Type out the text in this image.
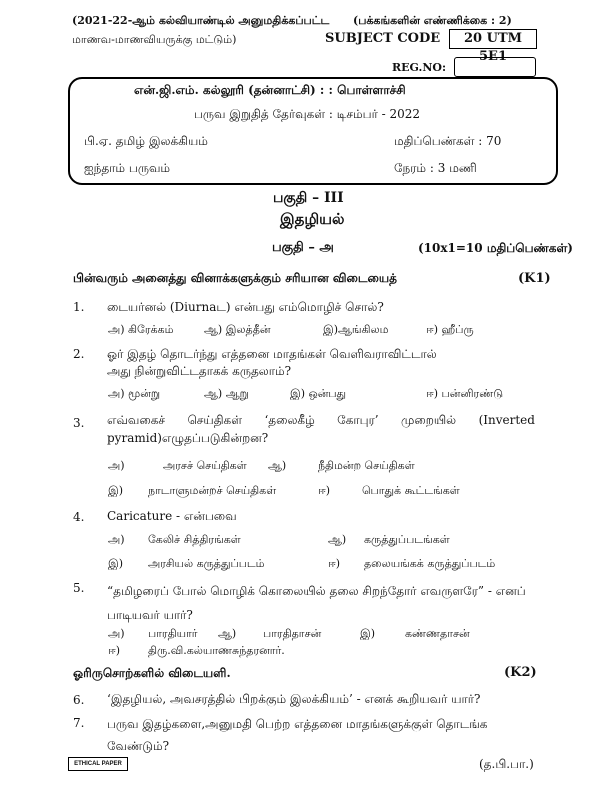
(2021-22-ஆம் கல்வியாண்டில் அனுமதிக்கப்பட்ட (பக்கங்களின் எண்ணிக்கை : 2)
மாணவ-மாணவியருக்கு மட்டும்)	SUBJECT CODE	20 UTM 5E1
REG.NO:
என்.ஜி.எம். கல்லூரி (தன்னாட்சி) : : பொள்ளாச்சி
பருவ இறுதித் தேர்வுகள் : டிசம்பர் - 2022
பி.ஏ. தமிழ் இலக்கியம்	மதிப்பெண்கள் : 70
ஐந்தாம் பருவம்	நேரம் : 3 மணி
பகுதி – III
இதழியல்
பகுதி – அ	(10x1=10 மதிப்பெண்கள்)
பின்வரும் அனைத்து வினாக்களுக்கும் சரியான விடையைத்	(K1)
1. டையர்னல் (Diurnaட) என்பது எம்மொழிச் சொல்?
அ) கிரேக்கம்	ஆ) இலத்தீன்	இ)ஆங்கிலம	ஈ) ஹீப்ரு
2. ஓர் இதழ் தொடர்ந்து எத்தனை மாதங்கள் வெளிவராவிட்டால் அது நின்றுவிட்டதாகக் கருதலாம்?
அ) மூன்று	ஆ) ஆறு	இ) ஒன்பது	ஈ) பன்னிரண்டு
3. எவ்வகைச் செய்திகள் ‘தலைகீழ் கோபுர’ முறையில் (Inverted
pyramid)எழுதப்படுகின்றன?
அ)	அரசச் செய்திகள் ஆ)	நீதிமன்ற செய்திகள்
இ) நாடாளுமன்றச் செய்திகள்	ஈ)	பொதுக் கூட்டங்கள்
4. Caricature - என்பவை
அ) கேலிச் சித்திரங்கள்	ஆ) கருத்துப்படங்கள்
இ) அரசியல் கருத்துப்படம்	ஈ) தலையங்கக் கருத்துப்படம்
5. “தமிழரைப் போல் மொழிக் கொலையில் தலை சிறந்தோர் எவருளரே” - எனப் பாடியவர் யார்?
அ) பாரதியார் ஆ) பாரதிதாசன்	இ)	கண்ணதாசன்
ஈ)	திரு.வி.கல்யாணசுந்தரனார்.
ஓரிருசொற்களில் விடையளி.	(K2)
6. ‘இதழியல், அவசரத்தில் பிறக்கும் இலக்கியம்’ - எனக் கூறியவர் யார்?
7. பருவ இதழ்களை,அனுமதி பெற்ற எத்தனை மாதங்களுக்குள் தொடங்க வேண்டும்?
ETHICAL PAPER	(த.பி.பா.)
